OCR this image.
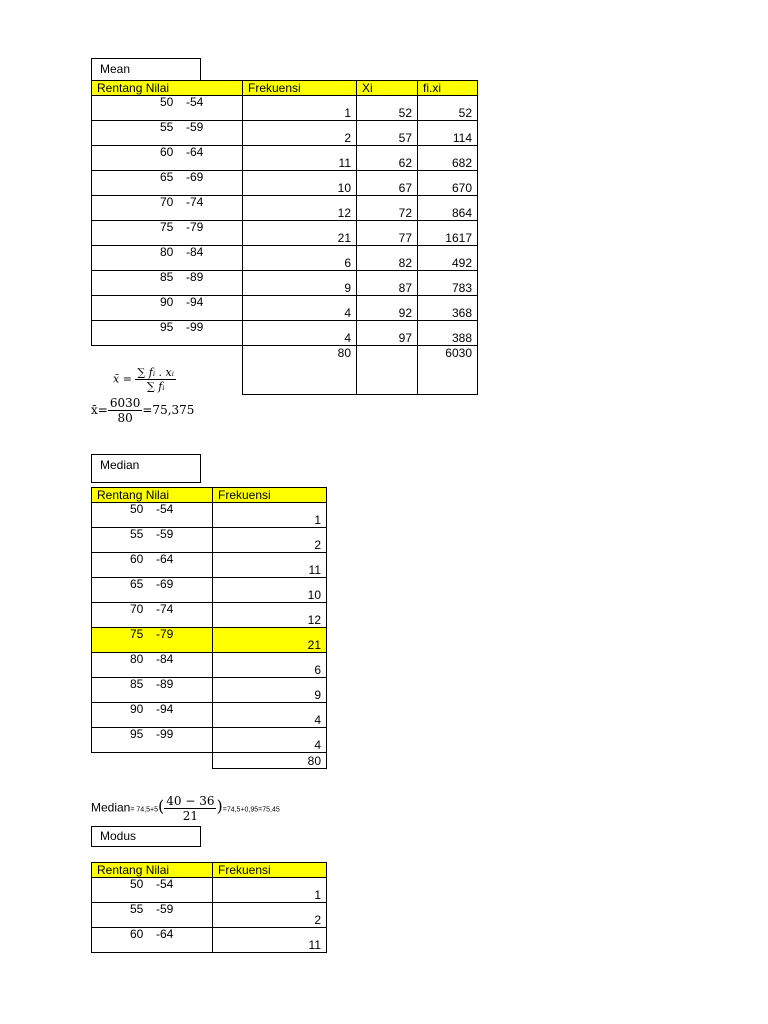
Mean
Rentang Nilai	Frekuensi	Xi	fi.xi

50 -54	1	52	52

55 -59	2	57	114

60 -64	11	62	682

65 -69	10	67	670

70 -74	12	72	864

75 -79	21	77	1617

80 -84	6	82	492

85 -89	9	87	783

90 -94	4	92	368

95 -99	4	97	388
	80		6030
x̄ = $\frac{\text{∑ fᵢ . xᵢ}}{\text{∑ fᵢ}}$
x̄= $\frac{6030}{80} =75,375$
Median
Rentang Nilai	Frekuensi

50 -54	1

55 -59	2

60 -64	11

65 -69	10

70 -74	12

75 -79	21

80 -84	6

85 -89	9

90 -94	4

95 -99	4
	80
Median= $74,5+5( \frac{40 - 36}{21} )=74,5+0,95=75,45$
Modus
Rentang Nilai	Frekuensi

50 -54	1

55 -59	2

60 -64	11
